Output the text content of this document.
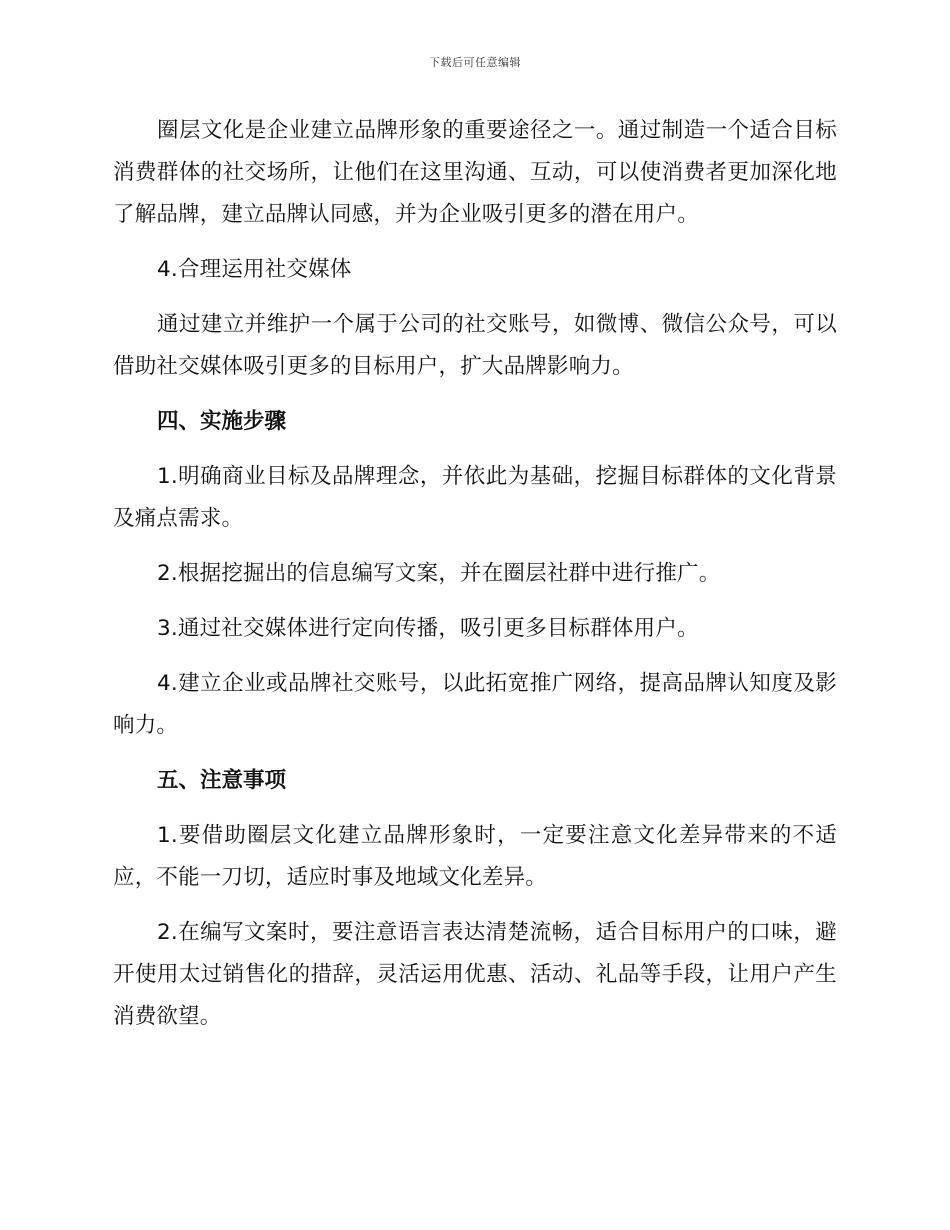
下载后可任意编辑

圈层文化是企业建立品牌形象的重要途径之一。通过制造一个适合目标消费群体的社交场所，让他们在这里沟通、互动，可以使消费者更加深化地了解品牌，建立品牌认同感，并为企业吸引更多的潜在用户。

4.合理运用社交媒体

通过建立并维护一个属于公司的社交账号，如微博、微信公众号，可以借助社交媒体吸引更多的目标用户，扩大品牌影响力。

四、实施步骤

1.明确商业目标及品牌理念，并依此为基础，挖掘目标群体的文化背景及痛点需求。

2.根据挖掘出的信息编写文案，并在圈层社群中进行推广。

3.通过社交媒体进行定向传播，吸引更多目标群体用户。

4.建立企业或品牌社交账号，以此拓宽推广网络，提高品牌认知度及影响力。

五、注意事项

1.要借助圈层文化建立品牌形象时，一定要注意文化差异带来的不适应，不能一刀切，适应时事及地域文化差异。

2.在编写文案时，要注意语言表达清楚流畅，适合目标用户的口味，避开使用太过销售化的措辞，灵活运用优惠、活动、礼品等手段，让用户产生消费欲望。
